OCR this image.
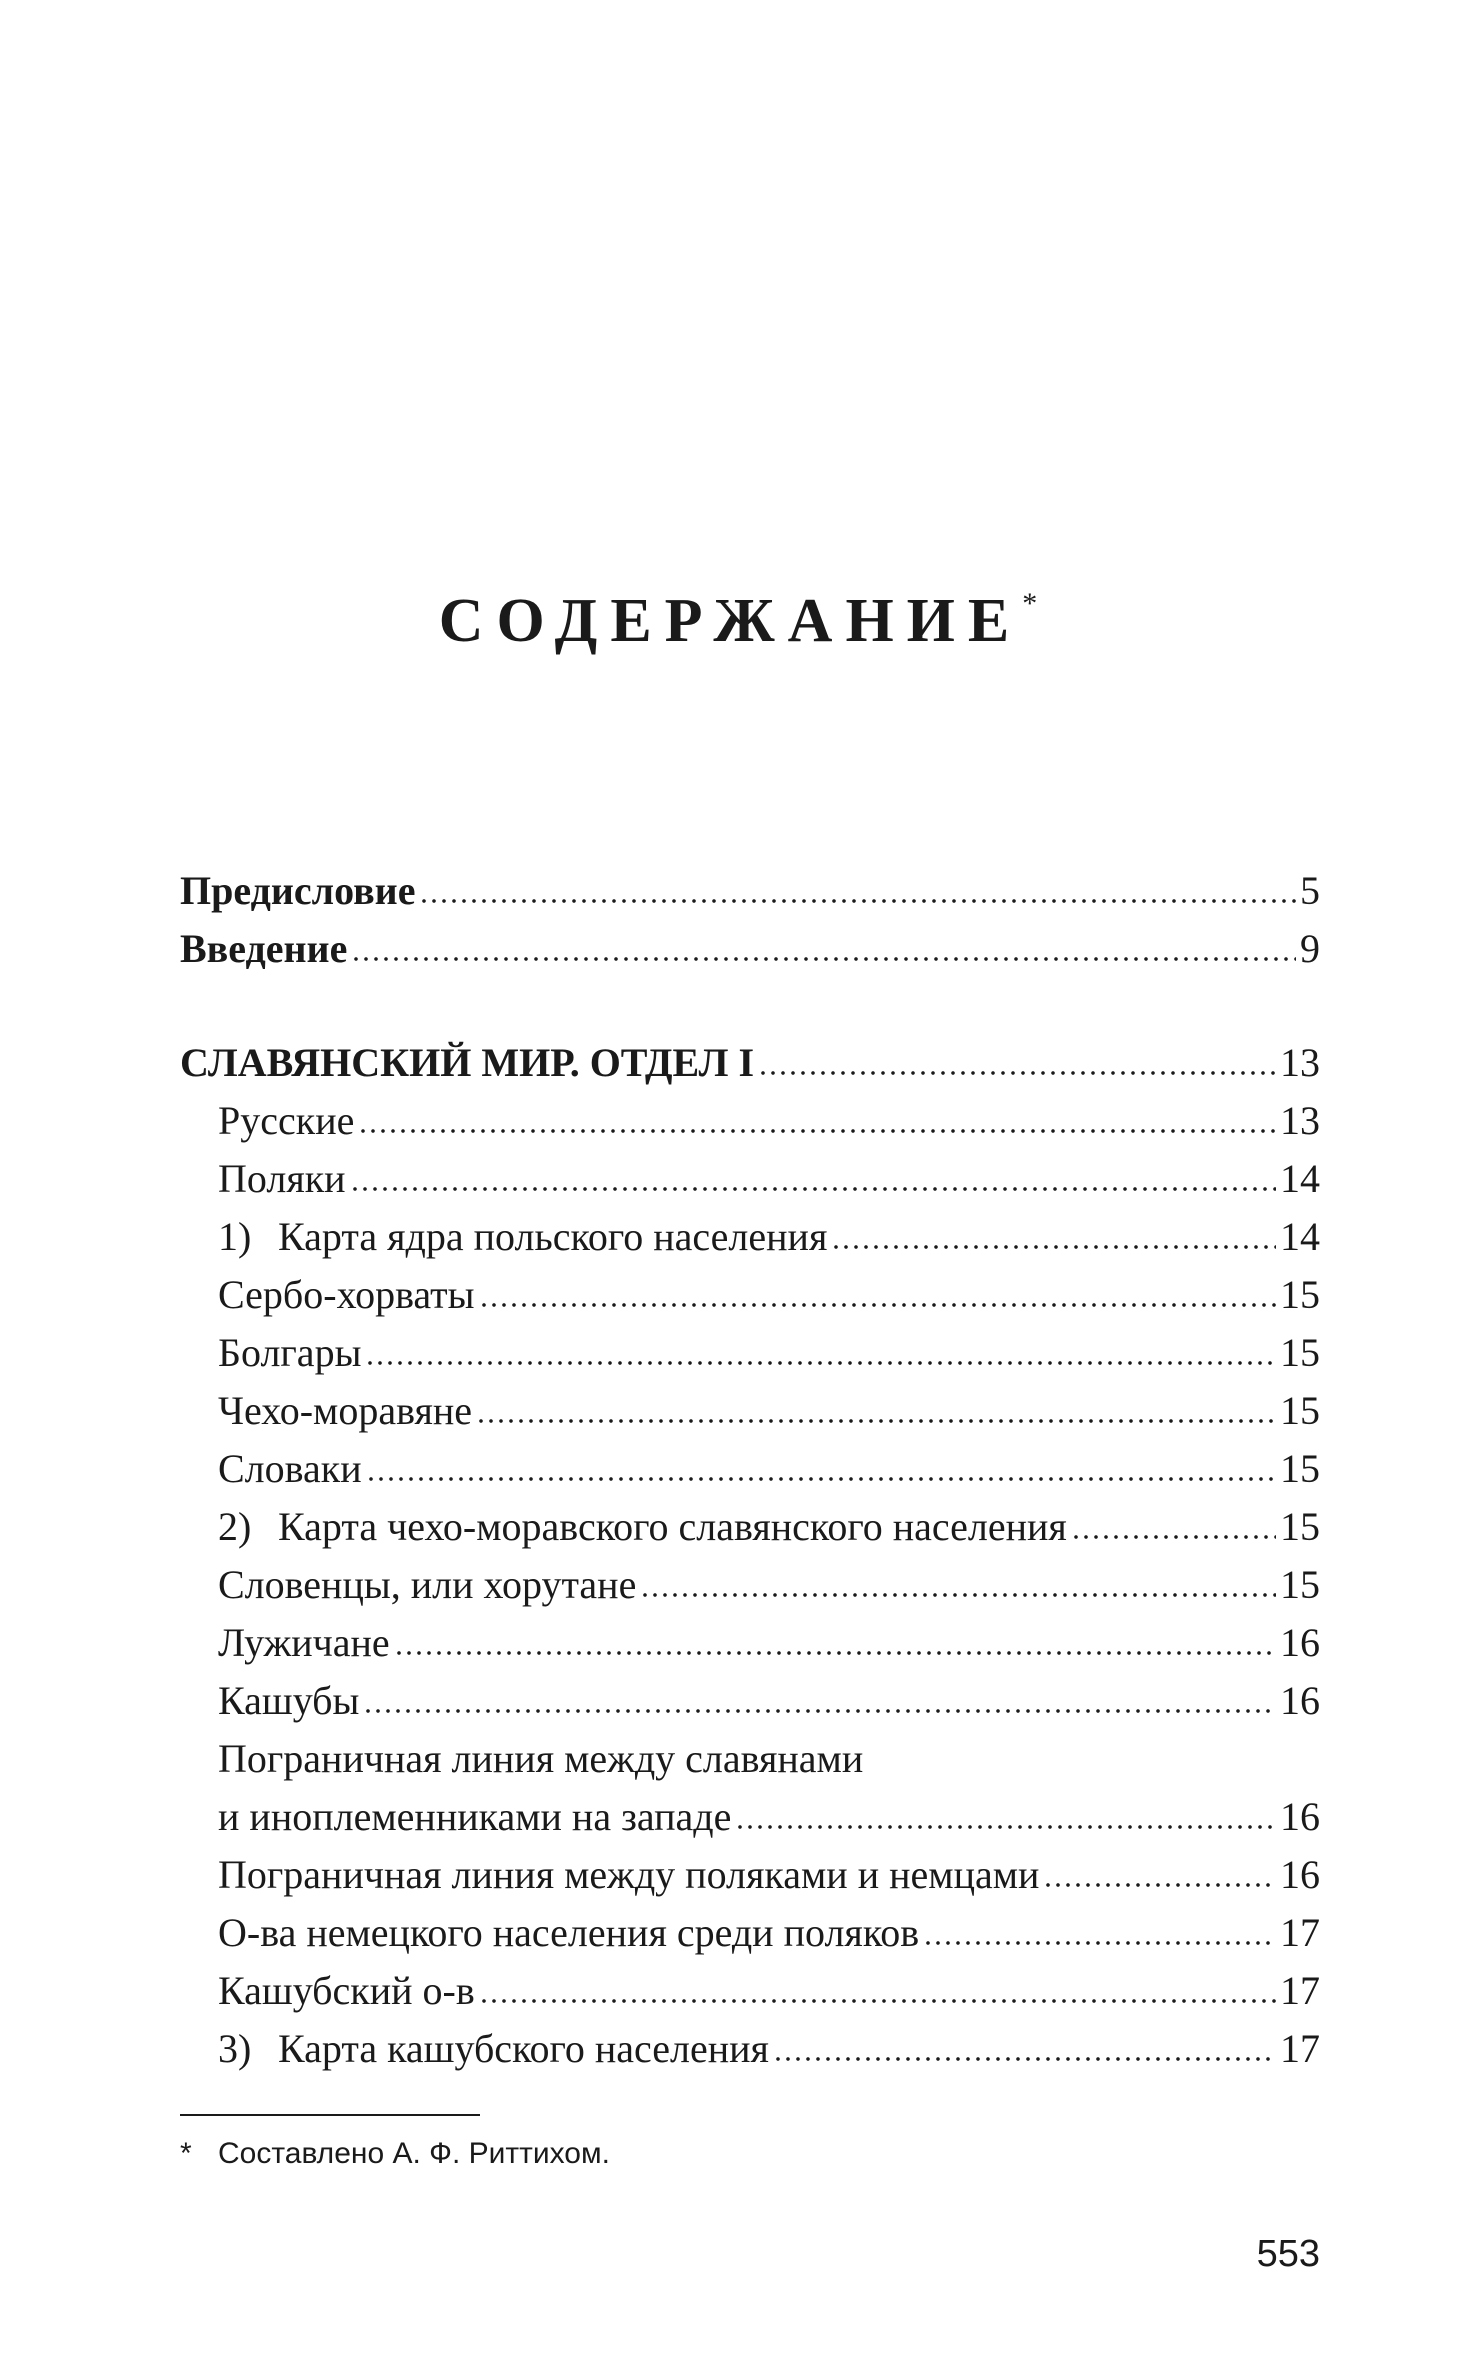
СОДЕРЖАНИЕ*
Предисловие	5
Введение	9
СЛАВЯНСКИЙ МИР. ОТДЕЛ I	13
Русские	13
Поляки	14
1) Карта ядра польского населения	14
Сербо-хорваты	15
Болгары	15
Чехо-моравяне	15
Словаки	15
2) Карта чехо-моравского славянского населения	15
Словенцы, или хорутане	15
Лужичане	16
Кашубы	16
Пограничная линия между славянами
и иноплеменниками на западе	16
Пограничная линия между поляками и немцами	16
О-ва немецкого населения среди поляков	17
Кашубский о-в	17
3) Карта кашубского населения	17
* Составлено А. Ф. Риттихом.
553
